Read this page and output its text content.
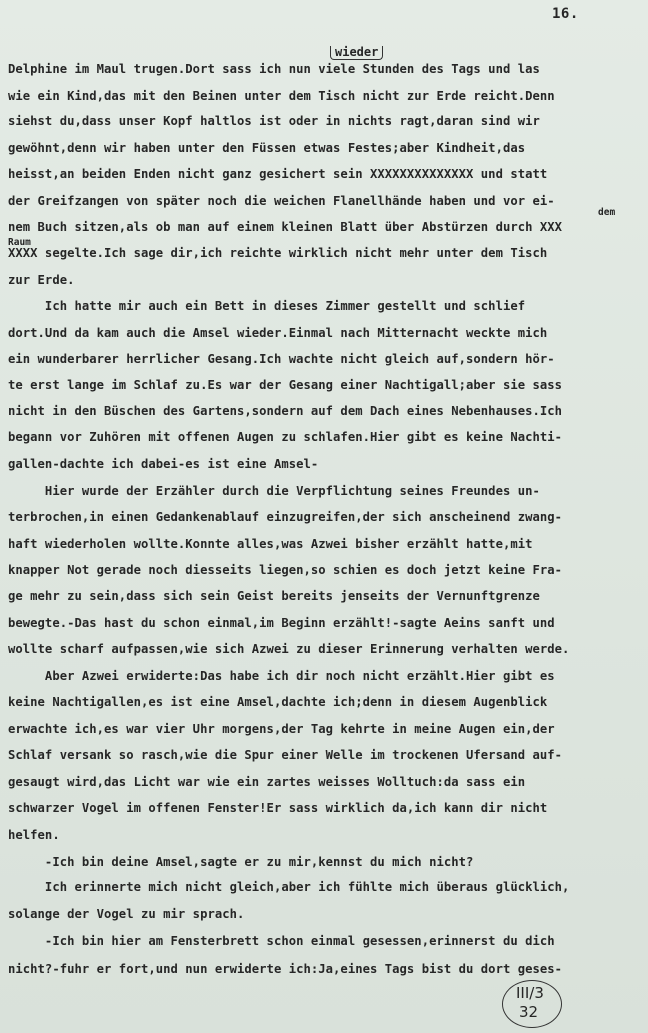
16.
wieder
dem
Raum
Delphine im Maul trugen.Dort sass ich nun viele Stunden des Tags und las
wie ein Kind,das mit den Beinen unter dem Tisch nicht zur Erde reicht.Denn
siehst du,dass unser Kopf haltlos ist oder in nichts ragt,daran sind wir
gewöhnt,denn wir haben unter den Füssen etwas Festes;aber Kindheit,das
heisst,an beiden Enden nicht ganz gesichert sein XXXXXXXXXXXXXX und statt
der Greifzangen von später noch die weichen Flanellhände haben und vor ei-
nem Buch sitzen,als ob man auf einem kleinen Blatt über Abstürzen durch XXX
XXXX segelte.Ich sage dir,ich reichte wirklich nicht mehr unter dem Tisch
zur Erde.
Ich hatte mir auch ein Bett in dieses Zimmer gestellt und schlief
dort.Und da kam auch die Amsel wieder.Einmal nach Mitternacht weckte mich
ein wunderbarer herrlicher Gesang.Ich wachte nicht gleich auf,sondern hör-
te erst lange im Schlaf zu.Es war der Gesang einer Nachtigall;aber sie sass
nicht in den Büschen des Gartens,sondern auf dem Dach eines Nebenhauses.Ich
begann vor Zuhören mit offenen Augen zu schlafen.Hier gibt es keine Nachti-
gallen-dachte ich dabei-es ist eine Amsel-
Hier wurde der Erzähler durch die Verpflichtung seines Freundes un-
terbrochen,in einen Gedankenablauf einzugreifen,der sich anscheinend zwang-
haft wiederholen wollte.Konnte alles,was Azwei bisher erzählt hatte,mit
knapper Not gerade noch diesseits liegen,so schien es doch jetzt keine Fra-
ge mehr zu sein,dass sich sein Geist bereits jenseits der Vernunftgrenze
bewegte.-Das hast du schon einmal,im Beginn erzählt!-sagte Aeins sanft und
wollte scharf aufpassen,wie sich Azwei zu dieser Erinnerung verhalten werde.
Aber Azwei erwiderte:Das habe ich dir noch nicht erzählt.Hier gibt es
keine Nachtigallen,es ist eine Amsel,dachte ich;denn in diesem Augenblick
erwachte ich,es war vier Uhr morgens,der Tag kehrte in meine Augen ein,der
Schlaf versank so rasch,wie die Spur einer Welle im trockenen Ufersand auf-
gesaugt wird,das Licht war wie ein zartes weisses Wolltuch:da sass ein
schwarzer Vogel im offenen Fenster!Er sass wirklich da,ich kann dir nicht
helfen.
-Ich bin deine Amsel,sagte er zu mir,kennst du mich nicht?
Ich erinnerte mich nicht gleich,aber ich fühlte mich überaus glücklich,
solange der Vogel zu mir sprach.
-Ich bin hier am Fensterbrett schon einmal gesessen,erinnerst du dich
nicht?-fuhr er fort,und nun erwiderte ich:Ja,eines Tags bist du dort geses-
III/3
32
